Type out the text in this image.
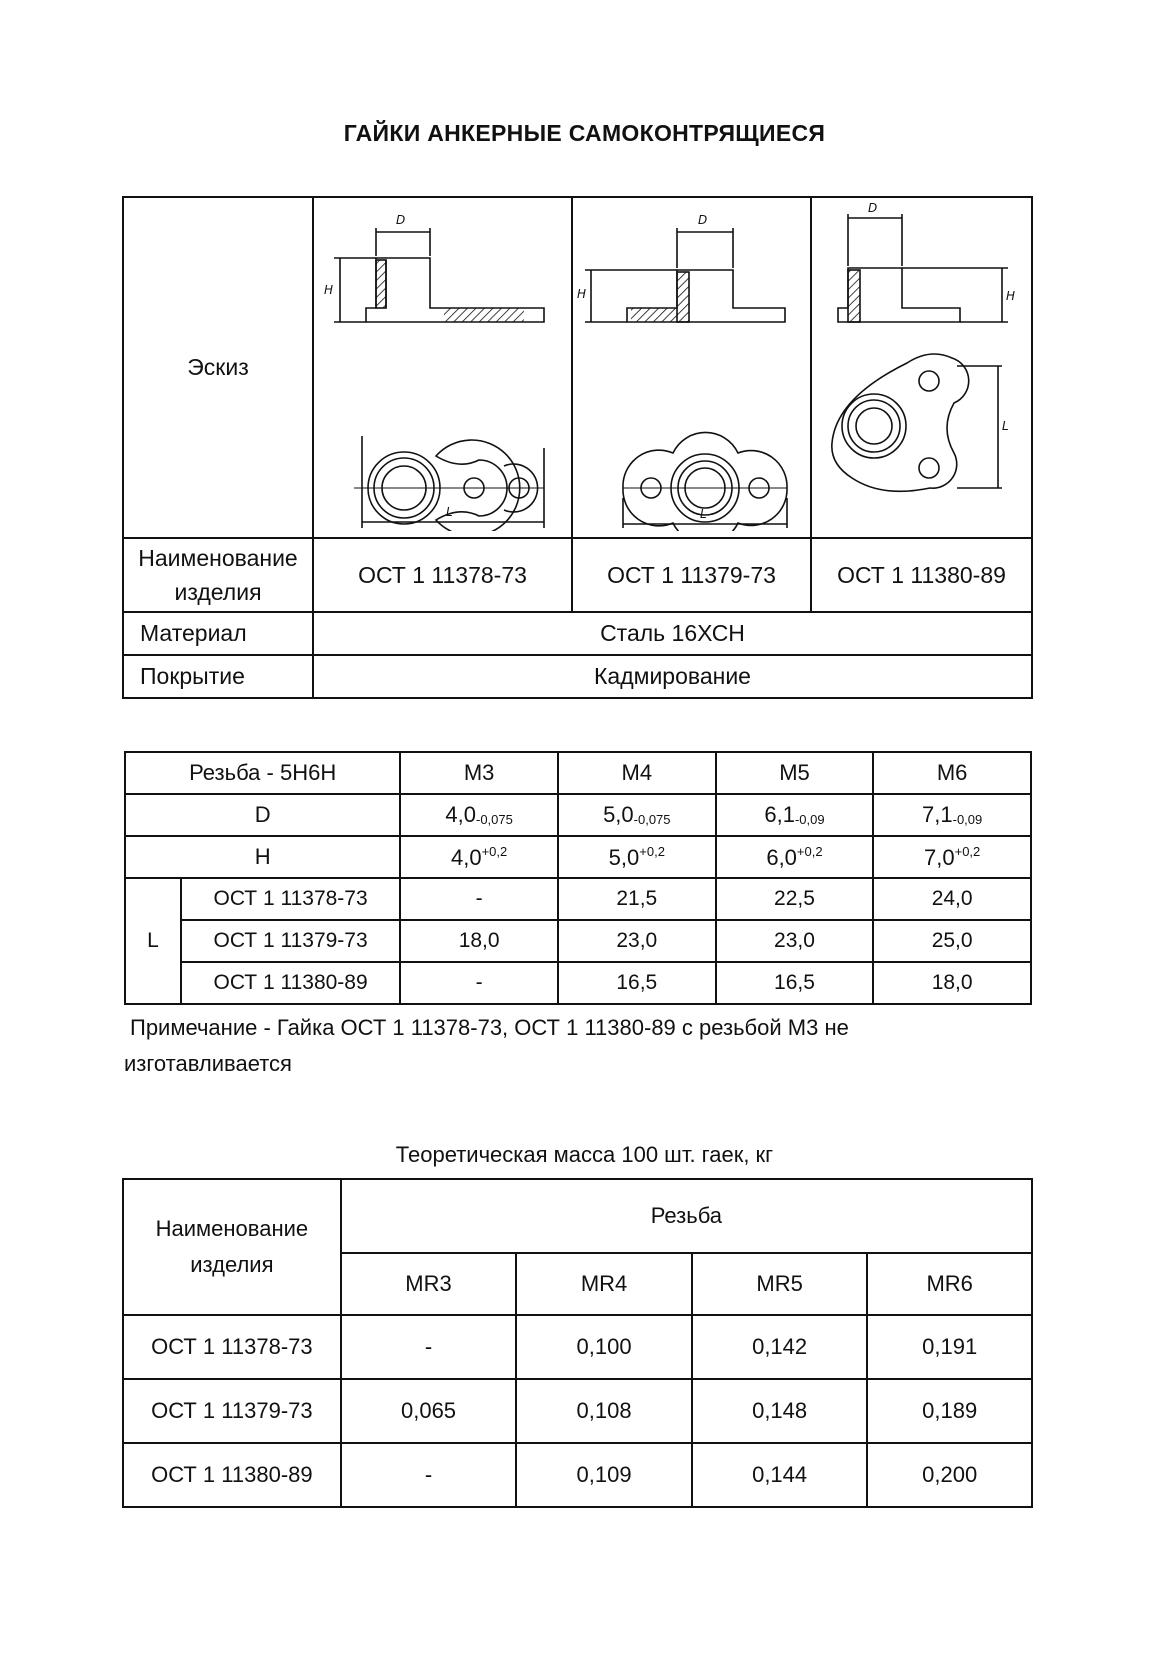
ГАЙКИ АНКЕРНЫЕ САМОКОНТРЯЩИЕСЯ
Эскиз	D
H
L	D
H
L	D
H
L

Наименование изделия	ОСТ 1 11378-73	ОСТ 1 11379-73	ОСТ 1 11380-89
Материал	Сталь 16ХСН		
Покрытие	Кадмирование		
Резьба - 5Н6Н		М3	М4	М5	М6
D		$4,0_{-0,075}$	$5,0_{-0,075}$	$6,1_{-0,09}$	$7,1_{-0,09}$
H		$4,0^{+0,2}$	$5,0^{+0,2}$	$6,0^{+0,2}$	$7,0^{+0,2}$
L	ОСТ 1 11378-73	-	21,5	22,5	24,0
	ОСТ 1 11379-73	18,0	23,0	23,0	25,0
	ОСТ 1 11380-89	-	16,5	16,5	18,0
Примечание - Гайка ОСТ 1 11378-73, ОСТ 1 11380-89 с резьбой М3 не
изготавливается
Теоретическая масса 100 шт. гаек, кг
Наименование изделия	Резьба			
	MR3	MR4	MR5	MR6
ОСТ 1 11378-73	-	0,100	0,142	0,191
ОСТ 1 11379-73	0,065	0,108	0,148	0,189
ОСТ 1 11380-89	-	0,109	0,144	0,200
